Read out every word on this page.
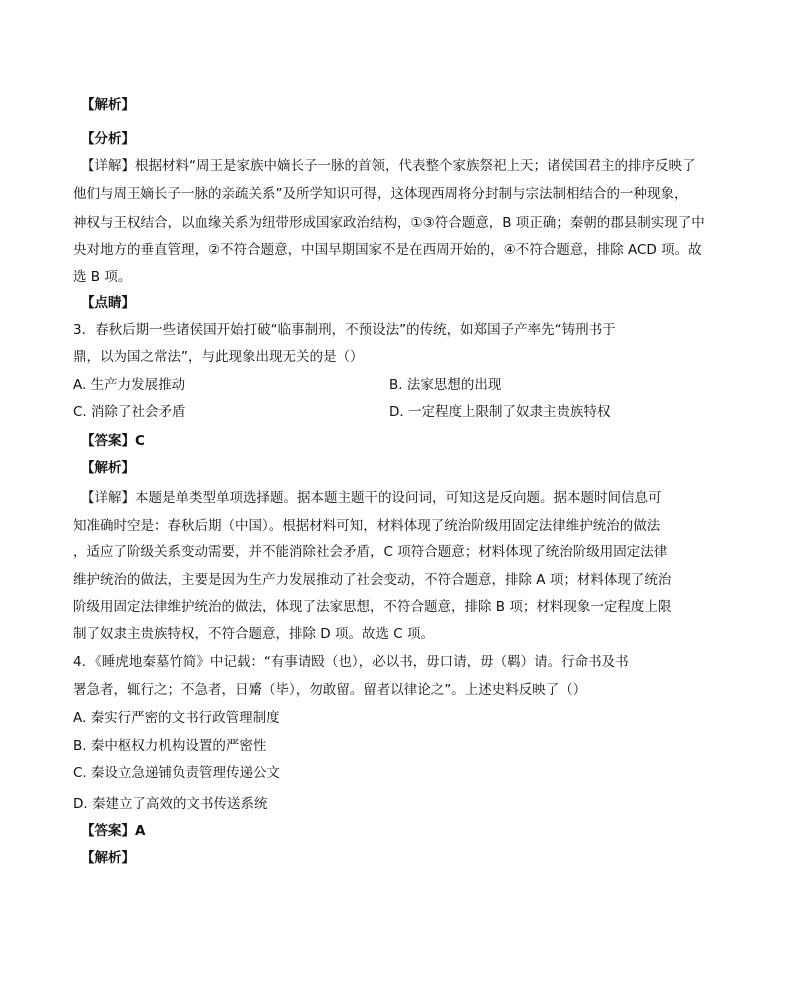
【解析】
【分析】
【详解】根据材料“周王是家族中嫡长子一脉的首领，代表整个家族祭祀上天；诸侯国君主的排序反映了
他们与周王嫡长子一脉的亲疏关系”及所学知识可得，这体现西周将分封制与宗法制相结合的一种现象，
神权与王权结合，以血缘关系为纽带形成国家政治结构，①③符合题意，B 项正确；秦朝的郡县制实现了中
央对地方的垂直管理，②不符合题意，中国早期国家不是在西周开始的，④不符合题意，排除 ACD 项。故
选 B 项。
【点睛】
3．春秋后期一些诸侯国开始打破“临事制刑，不预设法”的传统，如郑国子产率先“铸刑书于
鼎，以为国之常法”，与此现象出现无关的是（）
A. 生产力发展推动	B. 法家思想的出现
C. 消除了社会矛盾	D. 一定程度上限制了奴隶主贵族特权
【答案】C
【解析】
【详解】本题是单类型单项选择题。据本题主题干的设问词，可知这是反向题。据本题时间信息可
知准确时空是：春秋后期（中国）。根据材料可知，材料体现了统治阶级用固定法律维护统治的做法
，适应了阶级关系变动需要，并不能消除社会矛盾，C 项符合题意；材料体现了统治阶级用固定法律
维护统治的做法，主要是因为生产力发展推动了社会变动，不符合题意，排除 A 项；材料体现了统治
阶级用固定法律维护统治的做法，体现了法家思想，不符合题意，排除 B 项；材料现象一定程度上限
制了奴隶主贵族特权，不符合题意，排除 D 项。故选 C 项。
4．《睡虎地秦墓竹简》中记载：“有事请殹（也），必以书，毋口请，毋（羁）请。行命书及书
署急者，辄行之；不急者，日觱（毕），勿敢留。留者以律论之”。上述史料反映了（）
A. 秦实行严密的文书行政管理制度
B. 秦中枢权力机构设置的严密性
C. 秦设立急递铺负责管理传递公文
D. 秦建立了高效的文书传送系统
【答案】A
【解析】
